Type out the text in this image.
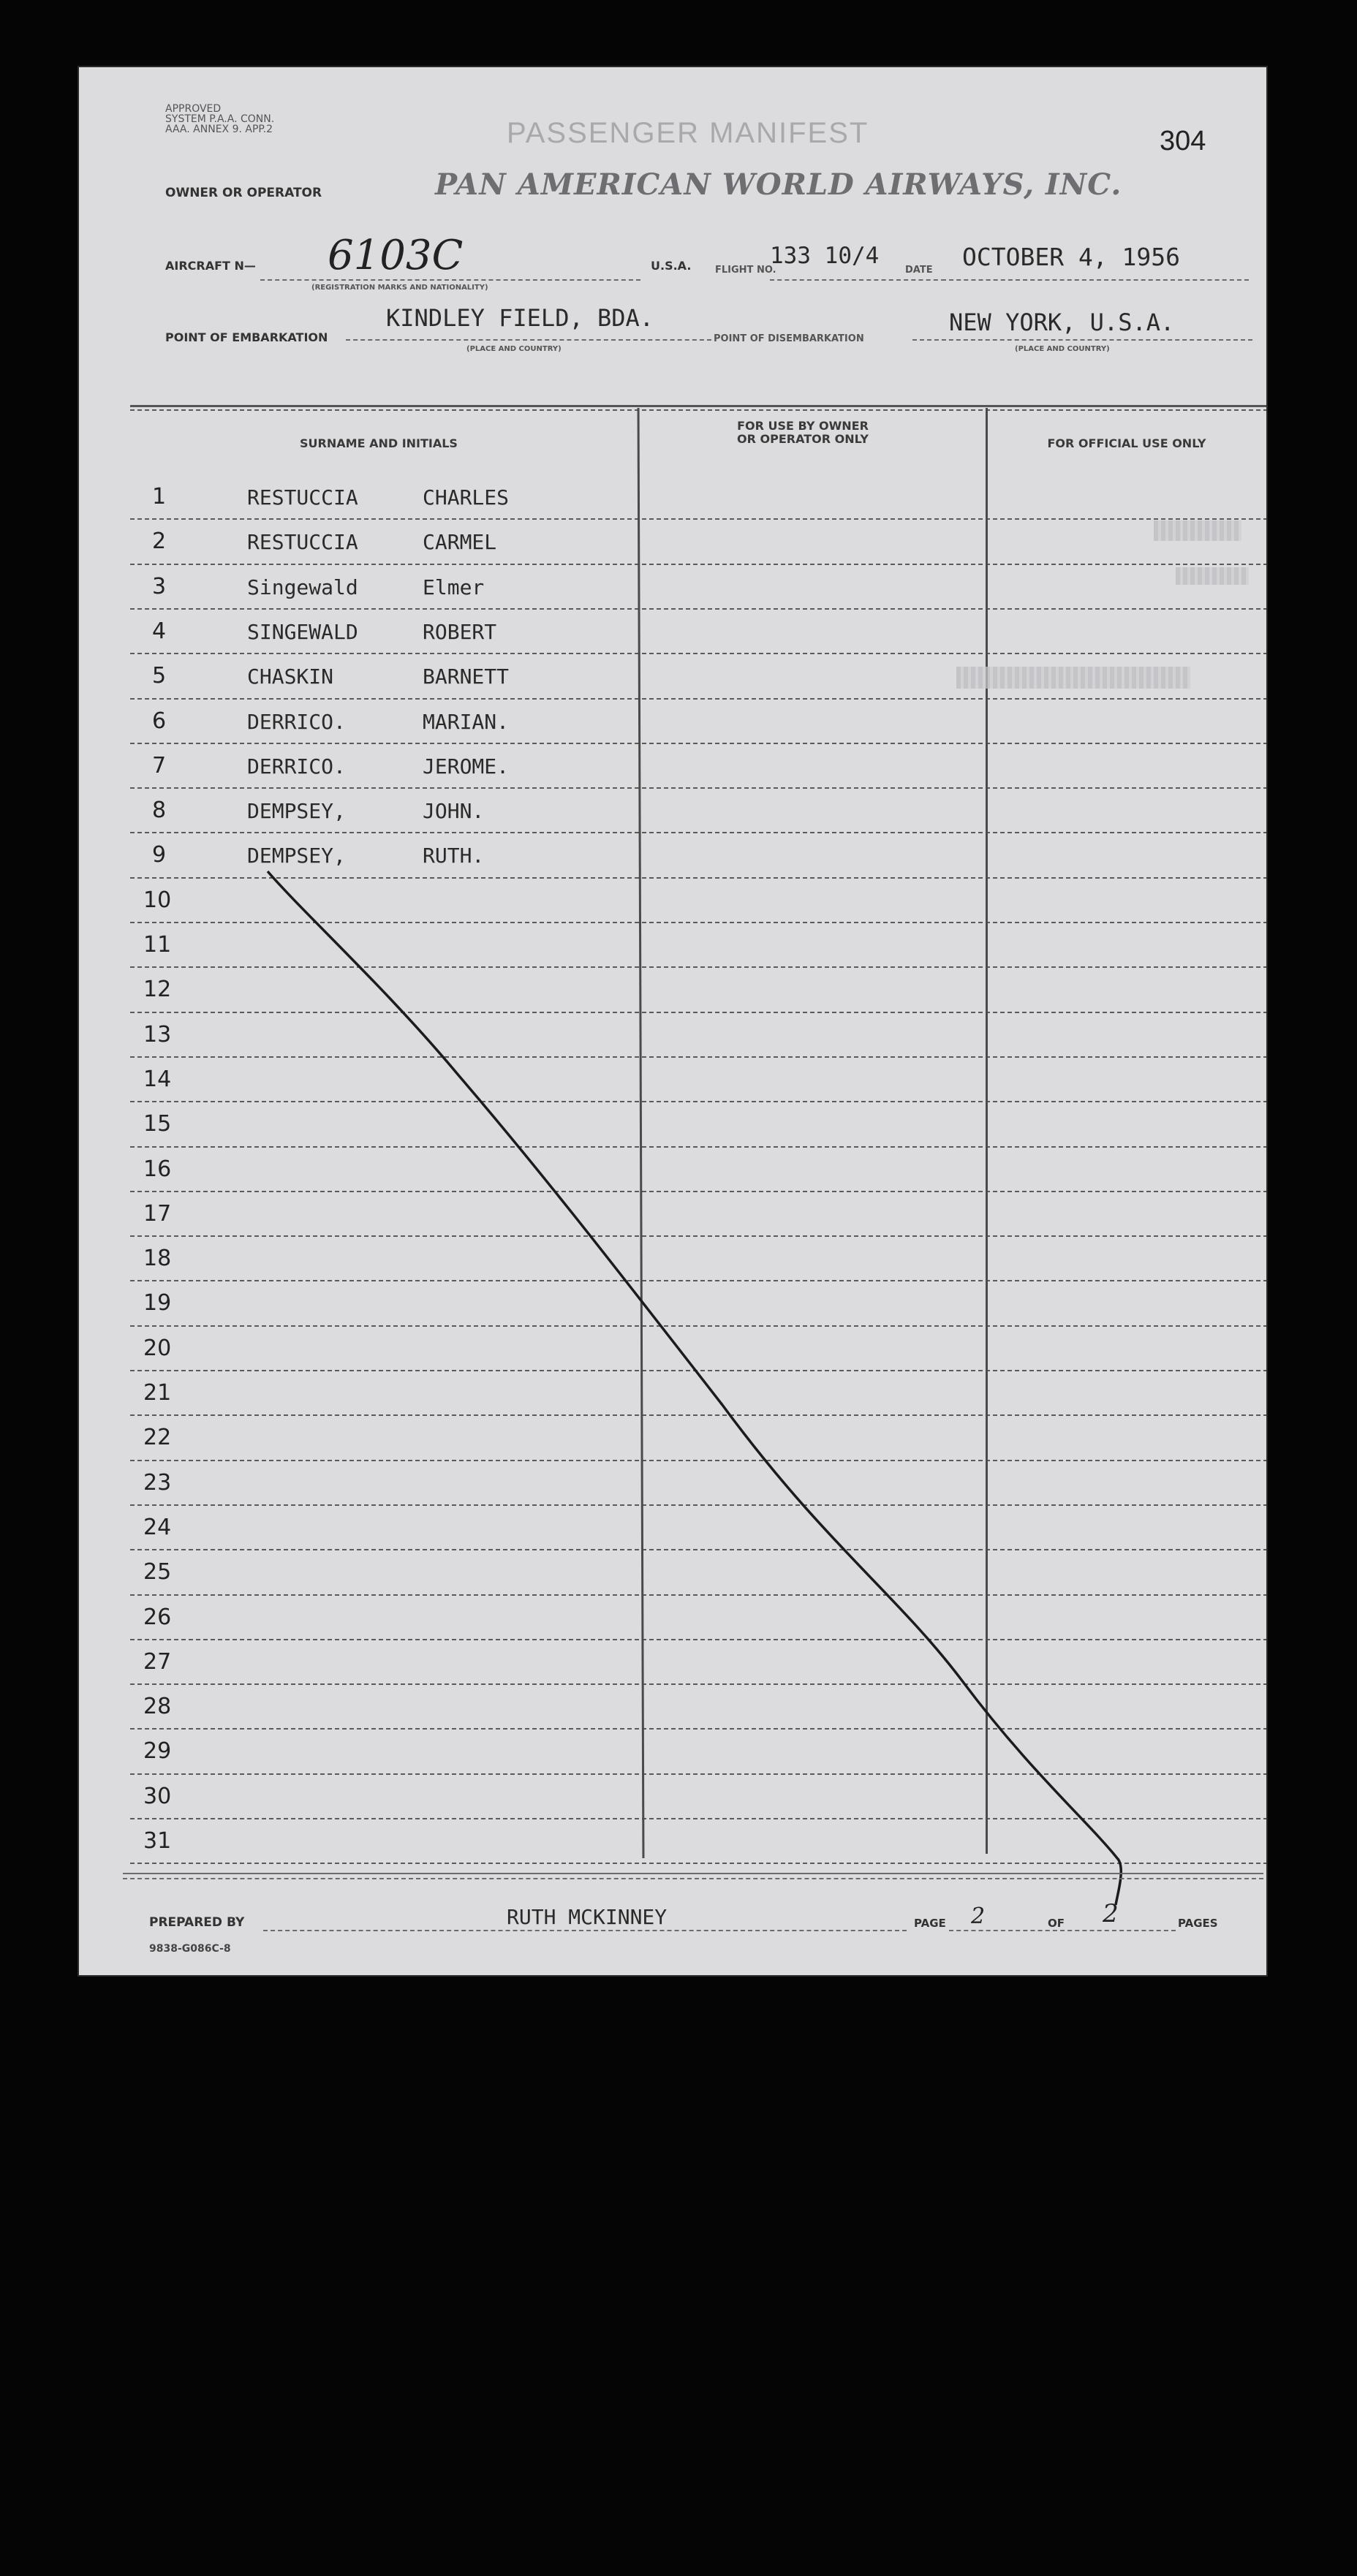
APPROVED
SYSTEM P.A.A. CONN.
AAA. ANNEX 9. APP.2	PASSENGER MANIFEST	304
OWNER OR OPERATOR	PAN AMERICAN WORLD AIRWAYS, INC.
AIRCRAFT N— 6103C
(REGISTRATION MARKS AND NATIONALITY)
U.S.A.	FLIGHT NO.
133 10/4
DATE OCTOBER 4, 1956
POINT OF EMBARKATION
KINDLEY FIELD, BDA.
(PLACE AND COUNTRY)
POINT OF DISEMBARKATION
NEW YORK, U.S.A.
(PLACE AND COUNTRY)
SURNAME AND INITIALS
FOR USE BY OWNER
OR OPERATOR ONLY	FOR OFFICIAL USE ONLY
1	RESTUCCIA	CHARLES
2	RESTUCCIA	CARMEL
3	Singewald	Elmer
4	SINGEWALD	ROBERT
5	CHASKIN	BARNETT
6	DERRICO.	MARIAN.
7	DERRICO.	JEROME.
8	DEMPSEY,	JOHN.
9	DEMPSEY,	RUTH.
10
11
12
13
14
15
16
17
18
19
20
21
22
23
24
25
26
27
28
29
30
31
PREPARED BY
9838-G086C-8
RUTH MCKINNEY	PAGE 2	OF 2	PAGES
